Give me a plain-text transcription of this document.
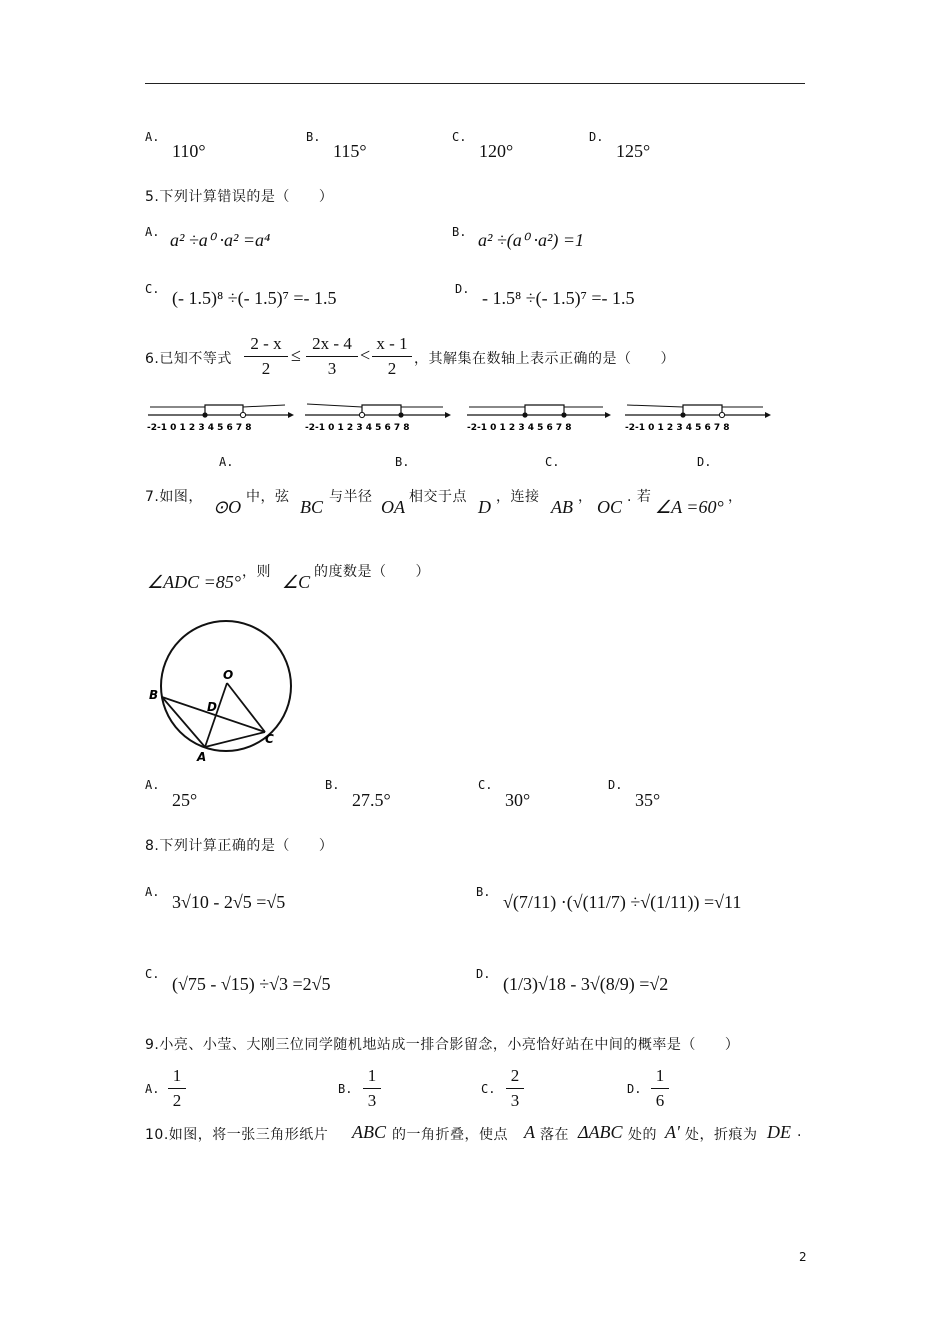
A.
110°
B.
115°
C.
120°
D.
125°
5.下列计算错误的是（　　）
A. a² ÷a⁰ ·a² =a⁴	B. a² ÷(a⁰ ·a²) =1
C. (- 1.5)⁸ ÷(- 1.5)⁷ =- 1.5	D. - 1.5⁸ ÷(- 1.5)⁷ =- 1.5
6.已知不等式
2 - x
2
≤
2x - 4
3
<
x - 1
2	，其解集在数轴上表示正确的是（　　）
-2-1 0 1 2 3 4 5 6 7 8	-2-1 0 1 2 3 4 5 6 7 8	-2-1 0 1 2 3 4 5 6 7 8	-2-1 0 1 2 3 4 5 6 7 8
A.	B.	C.	D.
7.如图， ⊙O 中，弦 BC 与半径 OA 相交于点 D ，连接 AB ， OC . 若 ∠A =60° ，
∠ADC =85° ，则 ∠C 的度数是（　　）
B
O
D
A
C
A.
25°
B.
27.5°
C.
30°
D.
35°
8.下列计算正确的是（　　）
A. 3√10 - 2√5 =√5	B. √(7/11) ·(√(11/7) ÷√(1/11)) =√11
C. (√75 - √15) ÷√3 =2√5	D. (1/3)√18 - 3√(8/9) =√2
9.小亮、小莹、大刚三位同学随机地站成一排合影留念，小亮恰好站在中间的概率是（　　）
A.
1
2
B.
1
3
C.
2
3
D.
1
6
10.如图，将一张三角形纸片 ABC 的一角折叠，使点 A 落在 ΔABC 处的 A' 处，折痕为 DE .
2
